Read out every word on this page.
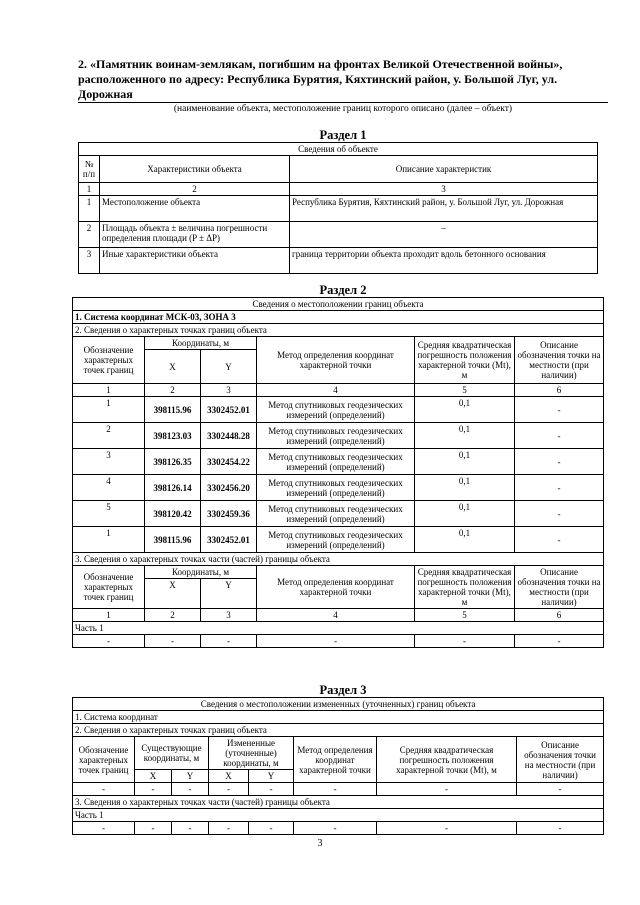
2. «Памятник воинам-землякам, погибшим на фронтах Великой Отечественной войны», расположенного по адресу: Республика Бурятия, Кяхтинский район, у. Большой Луг, ул. Дорожная
(наименование объекта, местоположение границ которого описано (далее – объект)
Раздел 1
Сведения об объекте		
№ п/п	Характеристики объекта	Описание характеристик
1	2	3
1	Местоположение объекта	Республика Бурятия, Кяхтинский район, у. Большой Луг, ул. Дорожная
2	Площадь объекта ± величина погрешности определения площади (P ± ΔP)	–
3	Иные характеристики объекта	граница территории объекта проходит вдоль бетонного основания
Раздел 2
Сведения о местоположении границ объекта					
1. Система координат МСК-03, ЗОНА 3					
2. Сведения о характерных точках границ объекта					
Обозначение характерных точек границ	Координаты, м		Метод определения координат характерной точки	Средняя квадратическая погрешность положения характерной точки (Mt), м	Описание обозначения точки на местности (при наличии)
	X	Y			
1	2	3	4	5	6
1	398115.96	3302452.01	Метод спутниковых геодезических измерений (определений)	0,1	-
2	398123.03	3302448.28	Метод спутниковых геодезических измерений (определений)	0,1	-
3	398126.35	3302454.22	Метод спутниковых геодезических измерений (определений)	0,1	-
4	398126.14	3302456.20	Метод спутниковых геодезических измерений (определений)	0,1	-
5	398120.42	3302459.36	Метод спутниковых геодезических измерений (определений)	0,1	-
1	398115.96	3302452.01	Метод спутниковых геодезических измерений (определений)	0,1	-
3. Сведения о характерных точках части (частей) границы объекта					
Обозначение характерных точек границ	Координаты, м		Метод определения координат характерной точки	Средняя квадратическая погрешность положения характерной точки (Mt), м	Описание обозначения точки на местности (при наличии)
	X	Y			
1	2	3	4	5	6
Часть 1					
-	-	-	-	-	-
Раздел 3
Сведения о местоположении измененных (уточненных) границ объекта							
1. Система координат							
2. Сведения о характерных точках границ объекта							
Обозначение характерных точек границ	Существующие координаты, м		Измененные (уточненные) координаты, м		Метод определения координат характерной точки	Средняя квадратическая погрешность положения характерной точки (Mt), м	Описание обозначения точки на местности (при наличии)
	X	Y	X	Y			
-	-	-	-	-	-	-	-
3. Сведения о характерных точках части (частей) границы объекта							
Часть 1							
-	-	-	-	-	-	-	-
3
